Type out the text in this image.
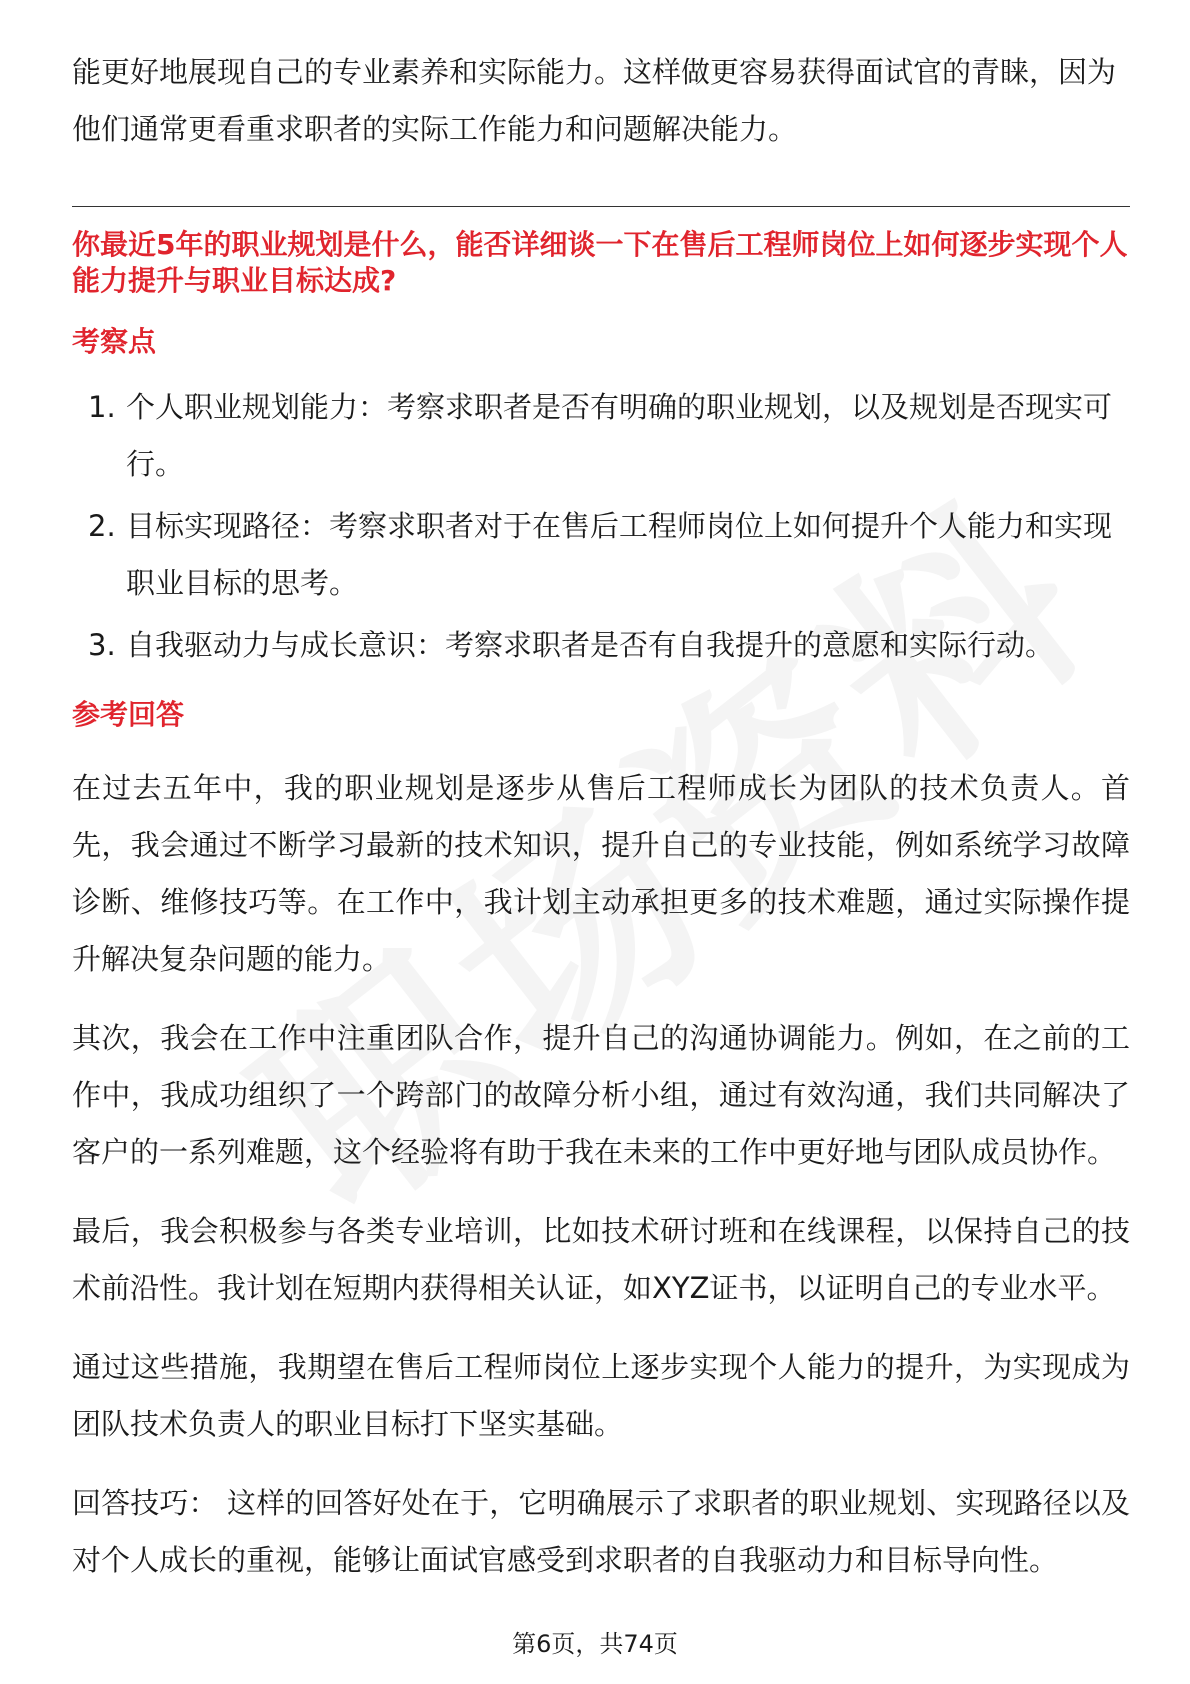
能更好地展现自己的专业素养和实际能力。这样做更容易获得面试官的青睐，因为

他们通常更看重求职者的实际工作能力和问题解决能力。

你最近5年的职业规划是什么，能否详细谈一下在售后工程师岗位上如何逐步实现个人能力提升与职业目标达成?

考察点

1. 个人职业规划能力：考察求职者是否有明确的职业规划，以及规划是否现实可行。
2. 目标实现路径：考察求职者对于在售后工程师岗位上如何提升个人能力和实现职业目标的思考。
3. 自我驱动力与成长意识：考察求职者是否有自我提升的意愿和实际行动。

参考回答

在过去五年中，我的职业规划是逐步从售后工程师成长为团队的技术负责人。首先，我会通过不断学习最新的技术知识，提升自己的专业技能，例如系统学习故障诊断、维修技巧等。在工作中，我计划主动承担更多的技术难题，通过实际操作提升解决复杂问题的能力。

其次，我会在工作中注重团队合作，提升自己的沟通协调能力。例如，在之前的工作中，我成功组织了一个跨部门的故障分析小组，通过有效沟通，我们共同解决了客户的一系列难题，这个经验将有助于我在未来的工作中更好地与团队成员协作。

最后，我会积极参与各类专业培训，比如技术研讨班和在线课程，以保持自己的技术前沿性。我计划在短期内获得相关认证，如XYZ证书，以证明自己的专业水平。

通过这些措施，我期望在售后工程师岗位上逐步实现个人能力的提升，为实现成为团队技术负责人的职业目标打下坚实基础。

回答技巧： 这样的回答好处在于，它明确展示了求职者的职业规划、实现路径以及对个人成长的重视，能够让面试官感受到求职者的自我驱动力和目标导向性。

第6页，共74页
